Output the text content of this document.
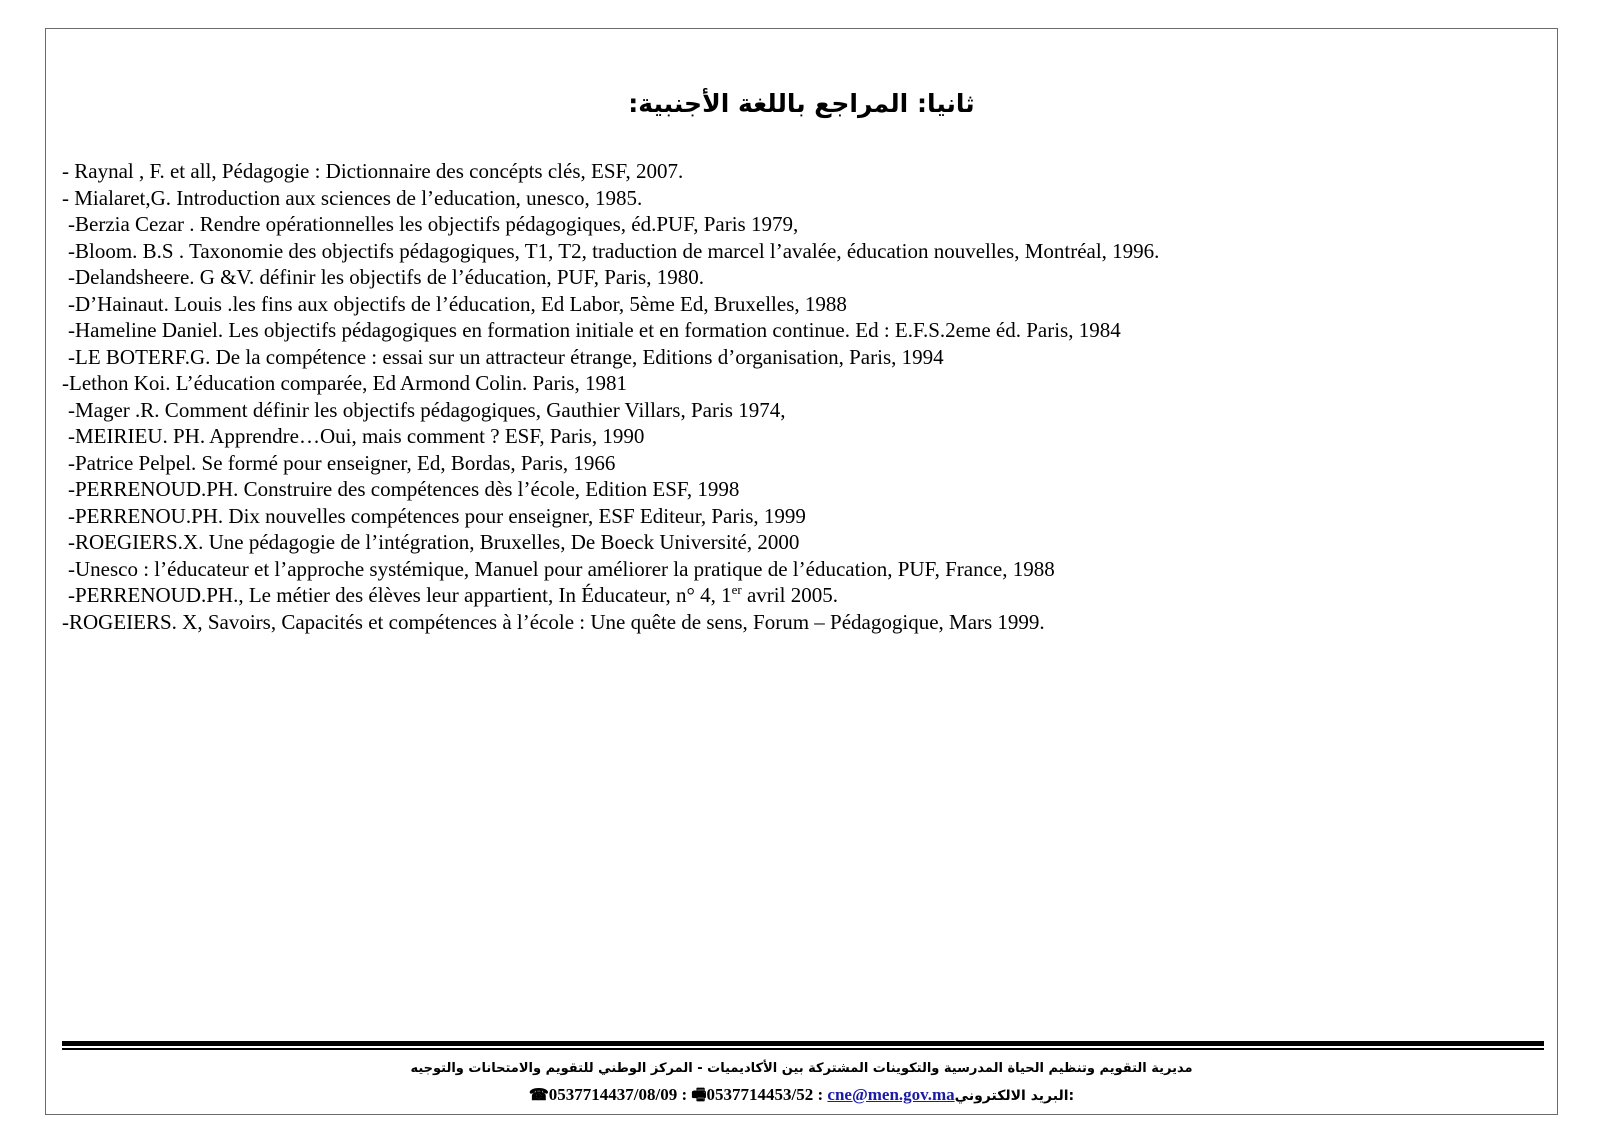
ثانيا: المراجع باللغة الأجنبية:
- Raynal , F. et all, Pédagogie : Dictionnaire des concépts clés, ESF, 2007.
- Mialaret,G. Introduction aux sciences de l’education, unesco, 1985.
-Berzia Cezar . Rendre opérationnelles les objectifs pédagogiques, éd.PUF, Paris 1979,
-Bloom. B.S . Taxonomie des objectifs pédagogiques, T1, T2, traduction de marcel l’avalée, éducation nouvelles, Montréal, 1996.
-Delandsheere. G &V. définir les objectifs de l’éducation, PUF, Paris, 1980.
-D’Hainaut. Louis .les fins aux objectifs de l’éducation, Ed Labor, 5ème Ed, Bruxelles, 1988
-Hameline Daniel. Les objectifs pédagogiques en formation initiale et en formation continue. Ed : E.F.S.2eme éd. Paris, 1984
-LE BOTERF.G. De la compétence : essai sur un attracteur étrange, Editions d’organisation, Paris, 1994
-Lethon Koi. L’éducation comparée, Ed Armond Colin. Paris, 1981
-Mager .R. Comment définir les objectifs pédagogiques, Gauthier Villars, Paris 1974,
-MEIRIEU. PH. Apprendre…Oui, mais comment ? ESF, Paris, 1990
-Patrice Pelpel. Se formé pour enseigner, Ed, Bordas, Paris, 1966
-PERRENOUD.PH. Construire des compétences dès l’école, Edition ESF, 1998
-PERRENOU.PH. Dix nouvelles compétences pour enseigner, ESF Editeur, Paris, 1999
-ROEGIERS.X. Une pédagogie de l’intégration, Bruxelles, De Boeck Université, 2000
-Unesco : l’éducateur et l’approche systémique, Manuel pour améliorer la pratique de l’éducation, PUF, France, 1988
-PERRENOUD.PH., Le métier des élèves leur appartient, In Éducateur, n° 4, 1er avril 2005.
-ROGEIERS. X, Savoirs, Capacités et compétences à l’école : Une quête de sens, Forum – Pédagogique, Mars 1999.
مديرية التقويم وتنظيم الحياة المدرسية والتكوينات المشتركة بين الأكاديميات - المركز الوطني للتقويم والامتحانات والتوجيه
☎0537714437/08/09 : 🖷0537714453/52 : cne@men.gov.ma:البريد الالكتروني
